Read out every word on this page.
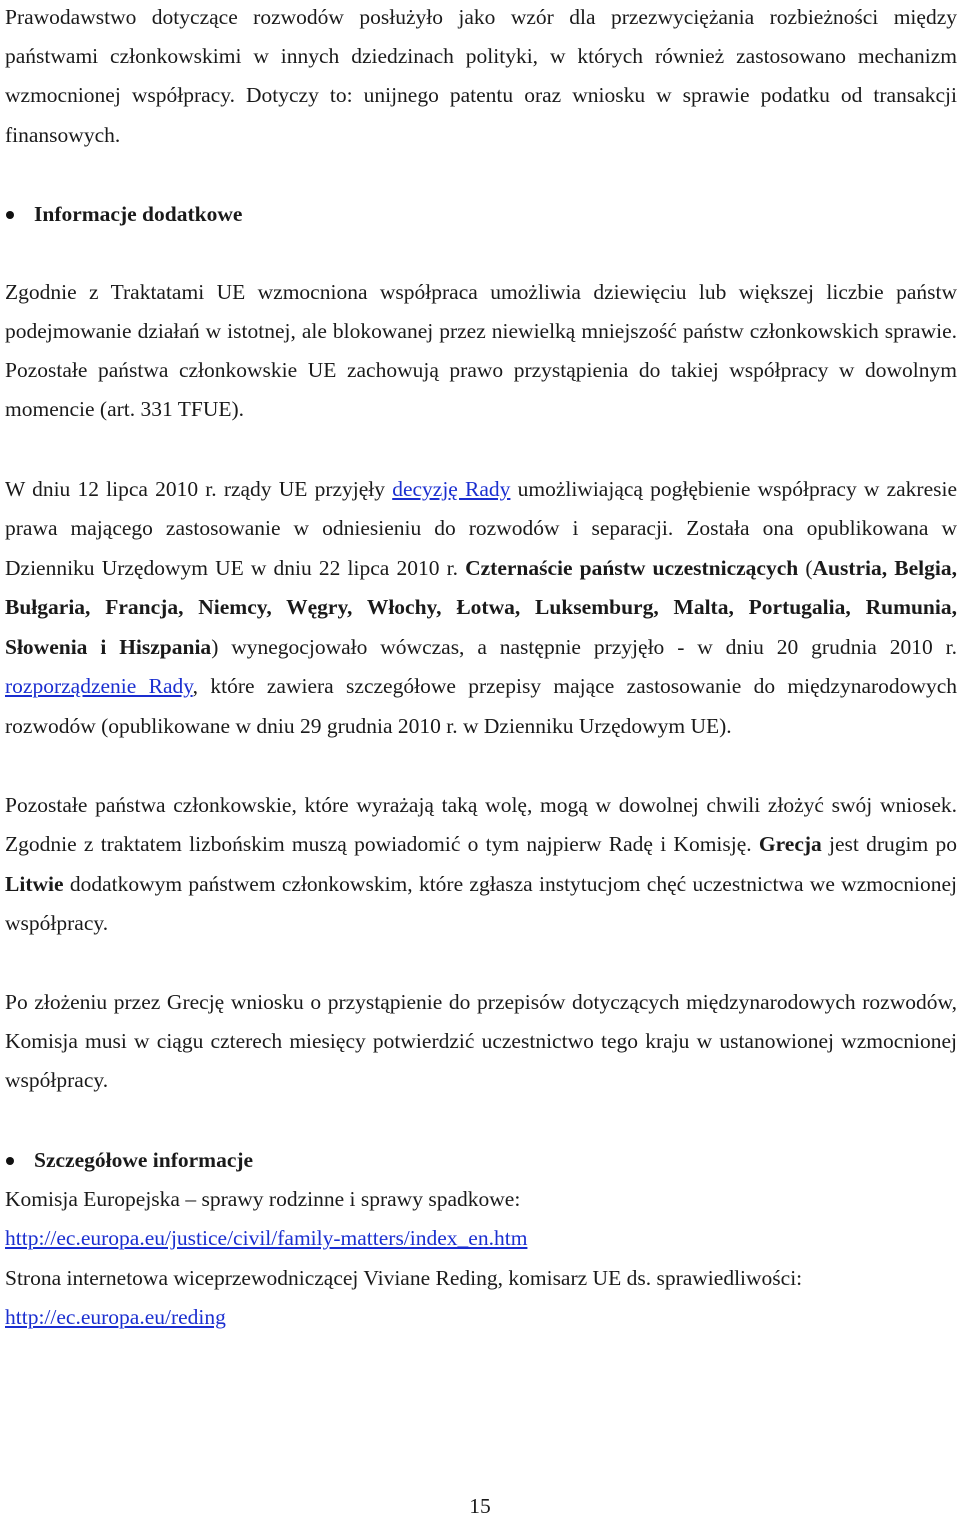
Prawodawstwo dotyczące rozwodów posłużyło jako wzór dla przezwyciężania rozbieżności między państwami członkowskimi w innych dziedzinach polityki, w których również zastosowano mechanizm wzmocnionej współpracy. Dotyczy to: unijnego patentu oraz wniosku w sprawie podatku od transakcji finansowych.

Informacje dodatkowe

Zgodnie z Traktatami UE wzmocniona współpraca umożliwia dziewięciu lub większej liczbie państw podejmowanie działań w istotnej, ale blokowanej przez niewielką mniejszość państw członkowskich sprawie. Pozostałe państwa członkowskie UE zachowują prawo przystąpienia do takiej współpracy w dowolnym momencie (art. 331 TFUE).

W dniu 12 lipca 2010 r. rządy UE przyjęły decyzję Rady umożliwiającą pogłębienie współpracy w zakresie prawa mającego zastosowanie w odniesieniu do rozwodów i separacji. Została ona opublikowana w Dzienniku Urzędowym UE w dniu 22 lipca 2010 r. Czternaście państw uczestniczących (Austria, Belgia, Bułgaria, Francja, Niemcy, Węgry, Włochy, Łotwa, Luksemburg, Malta, Portugalia, Rumunia, Słowenia i Hiszpania) wynegocjowało wówczas, a następnie przyjęło - w dniu 20 grudnia 2010 r. rozporządzenie Rady, które zawiera szczegółowe przepisy mające zastosowanie do międzynarodowych rozwodów (opublikowane w dniu 29 grudnia 2010 r. w Dzienniku Urzędowym UE).

Pozostałe państwa członkowskie, które wyrażają taką wolę, mogą w dowolnej chwili złożyć swój wniosek. Zgodnie z traktatem lizbońskim muszą powiadomić o tym najpierw Radę i Komisję. Grecja jest drugim po Litwie dodatkowym państwem członkowskim, które zgłasza instytucjom chęć uczestnictwa we wzmocnionej współpracy.

Po złożeniu przez Grecję wniosku o przystąpienie do przepisów dotyczących międzynarodowych rozwodów, Komisja musi w ciągu czterech miesięcy potwierdzić uczestnictwo tego kraju w ustanowionej wzmocnionej współpracy.

Szczegółowe informacje

Komisja Europejska – sprawy rodzinne i sprawy spadkowe:

http://ec.europa.eu/justice/civil/family-matters/index_en.htm

Strona internetowa wiceprzewodniczącej Viviane Reding, komisarz UE ds. sprawiedliwości:

http://ec.europa.eu/reding

15
